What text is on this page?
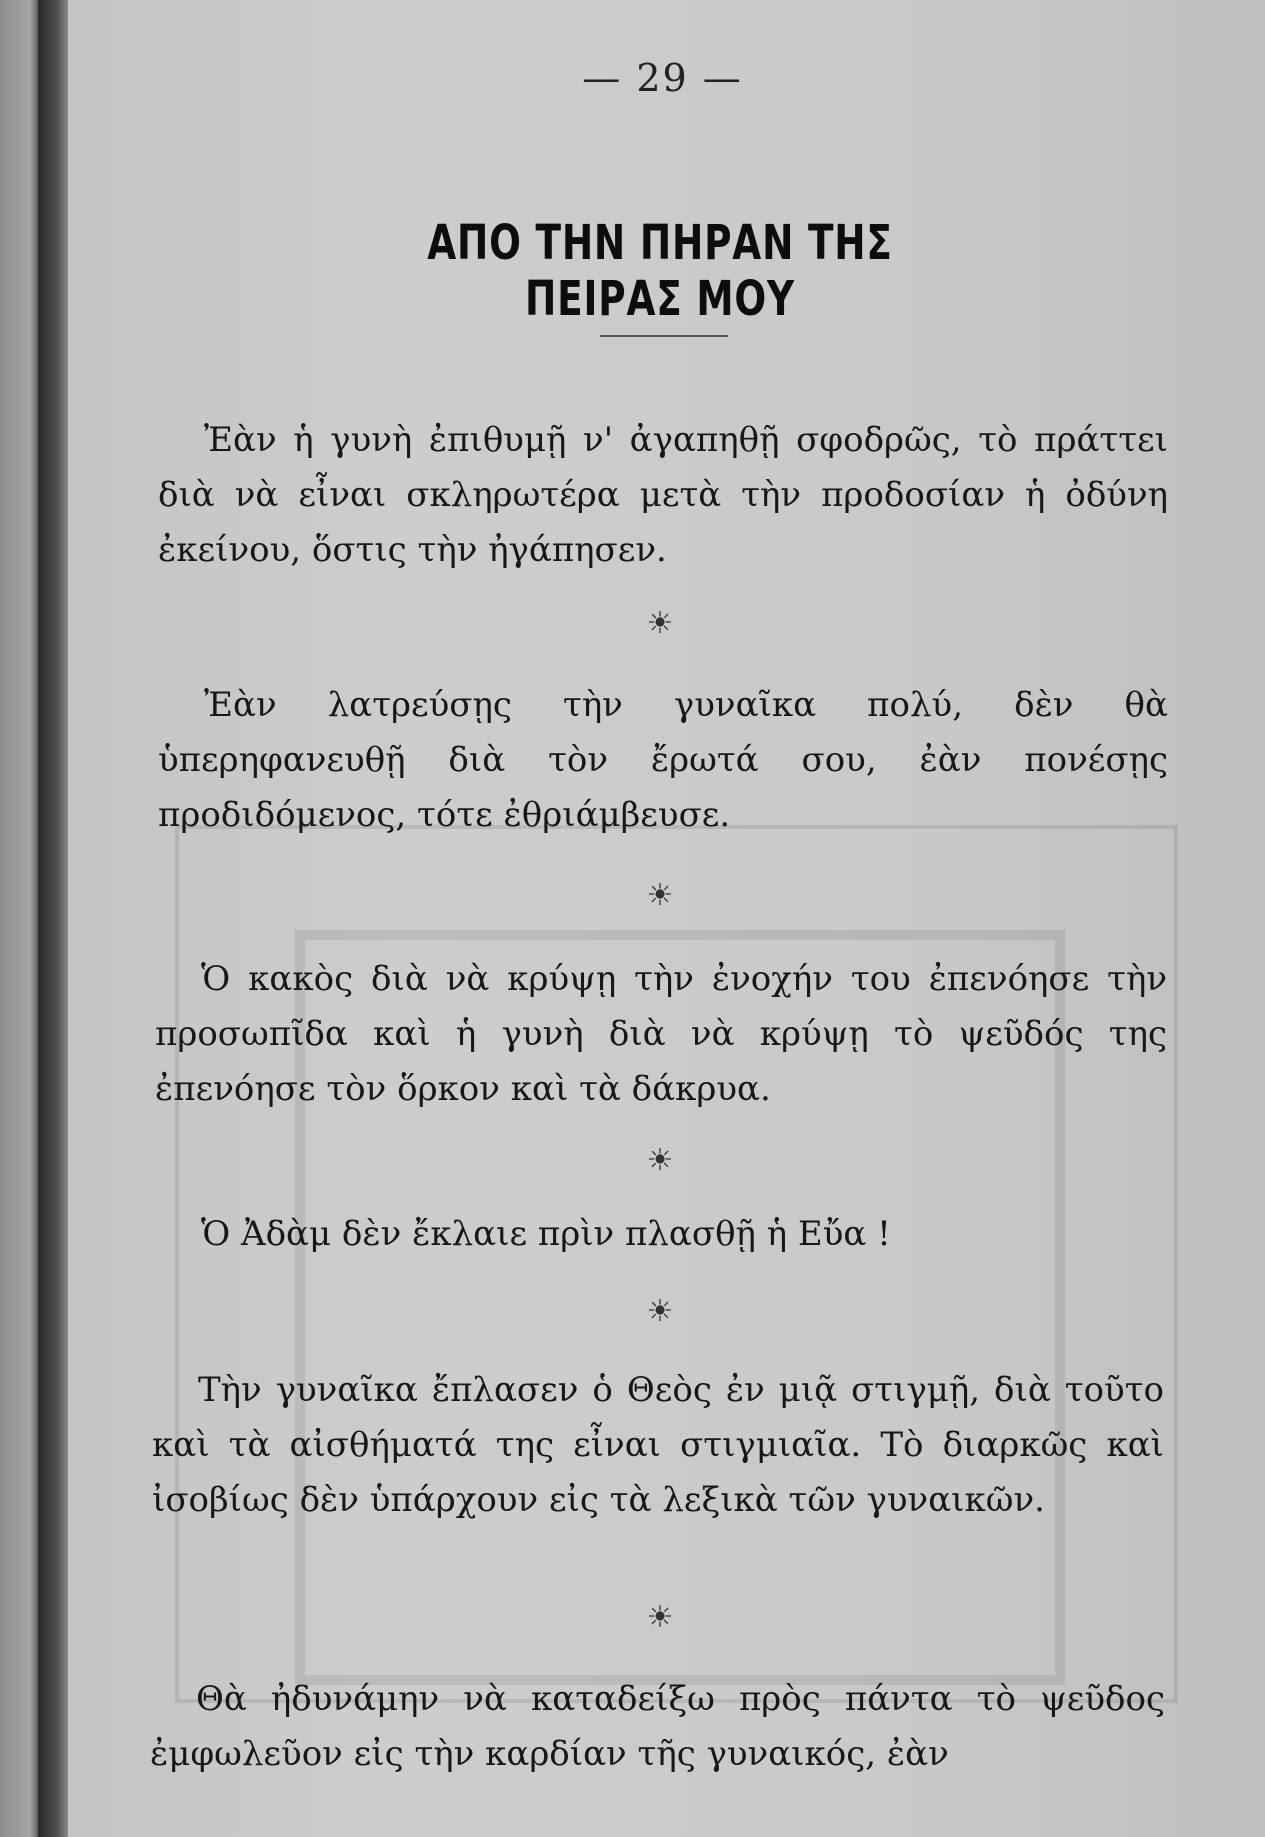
— 29 —
ΑΠΟ ΤΗΝ ΠΗΡΑΝ ΤΗΣ ΠΕΙΡΑΣ ΜΟΥ
Ἐὰν ἡ γυνὴ ἐπιθυμῇ ν' ἀγαπηθῇ σφοδρῶς, τὸ πράττει διὰ νὰ εἶναι σκληρωτέρα μετὰ τὴν προδοσίαν ἡ ὀδύνη ἐκείνου, ὅστις τὴν ἠγάπησεν.
☀
Ἐὰν λατρεύσῃς τὴν γυναῖκα πολύ, δὲν θὰ ὑπερηφανευθῇ διὰ τὸν ἔρωτά σου, ἐὰν πονέσῃς προδιδόμενος, τότε ἐθριάμβευσε.
☀
Ὁ κακὸς διὰ νὰ κρύψῃ τὴν ἐνοχήν του ἐπενόησε τὴν προσωπῖδα καὶ ἡ γυνὴ διὰ νὰ κρύψῃ τὸ ψεῦδός της ἐπενόησε τὸν ὅρκον καὶ τὰ δάκρυα.
☀
Ὁ Ἀδὰμ δὲν ἔκλαιε πρὶν πλασθῇ ἡ Εὔα !
☀
Τὴν γυναῖκα ἔπλασεν ὁ Θεὸς ἐν μιᾷ στιγμῇ, διὰ τοῦτο καὶ τὰ αἰσθήματά της εἶναι στιγμιαῖα. Τὸ διαρκῶς καὶ ἰσοβίως δὲν ὑπάρχουν εἰς τὰ λεξικὰ τῶν γυναικῶν.
☀
Θὰ ἠδυνάμην νὰ καταδείξω πρὸς πάντα τὸ ψεῦδος ἐμφωλεῦον εἰς τὴν καρδίαν τῆς γυναικός, ἐὰν
